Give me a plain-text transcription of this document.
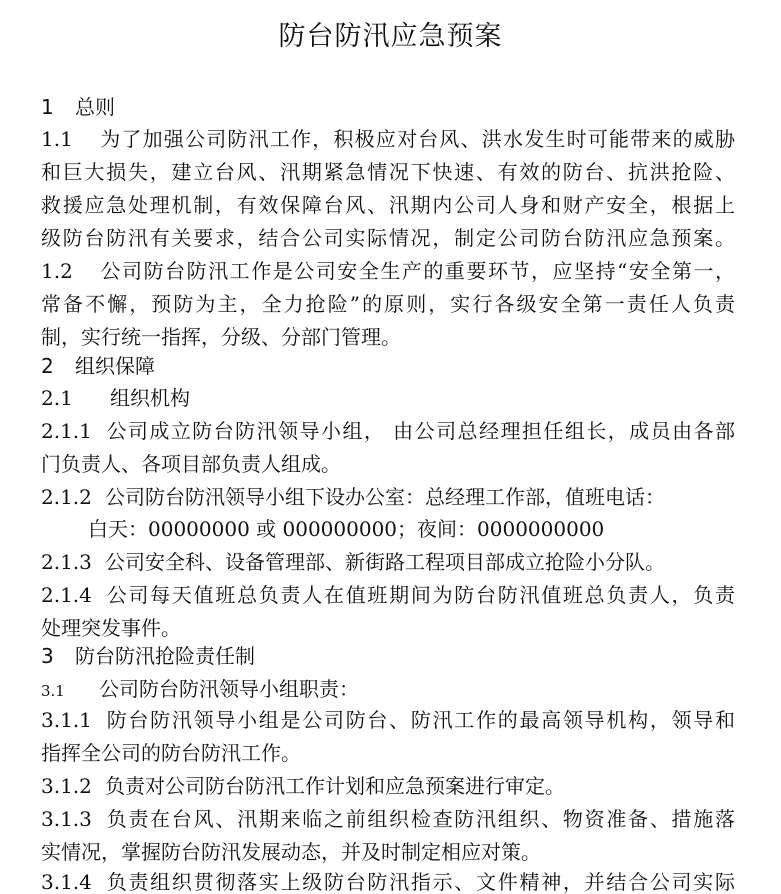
防台防汛应急预案
1 总则
1.1 为了加强公司防汛工作，积极应对台风、洪水发生时可能带来的威胁
和巨大损失，建立台风、汛期紧急情况下快速、有效的防台、抗洪抢险、
救援应急处理机制，有效保障台风、汛期内公司人身和财产安全，根据上
级防台防汛有关要求，结合公司实际情况，制定公司防台防汛应急预案。
1.2 公司防台防汛工作是公司安全生产的重要环节，应坚持“安全第一，
常备不懈，预防为主，全力抢险”的原则，实行各级安全第一责任人负责
制，实行统一指挥，分级、分部门管理。
2 组织保障
2.1 组织机构
2.1.1 公司成立防台防汛领导小组， 由公司总经理担任组长，成员由各部
门负责人、各项目部负责人组成。
2.1.2 公司防台防汛领导小组下设办公室：总经理工作部，值班电话：
白天：00000000 或 000000000；夜间：0000000000
2.1.3 公司安全科、设备管理部、新街路工程项目部成立抢险小分队。
2.1.4 公司每天值班总负责人在值班期间为防台防汛值班总负责人，负责
处理突发事件。
3 防台防汛抢险责任制
3.1 公司防台防汛领导小组职责：
3.1.1 防台防汛领导小组是公司防台、防汛工作的最高领导机构，领导和
指挥全公司的防台防汛工作。
3.1.2 负责对公司防台防汛工作计划和应急预案进行审定。
3.1.3 负责在台风、汛期来临之前组织检查防汛组织、物资准备、措施落
实情况，掌握防台防汛发展动态，并及时制定相应对策。
3.1.4 负责组织贯彻落实上级防台防汛指示、文件精神，并结合公司实际
